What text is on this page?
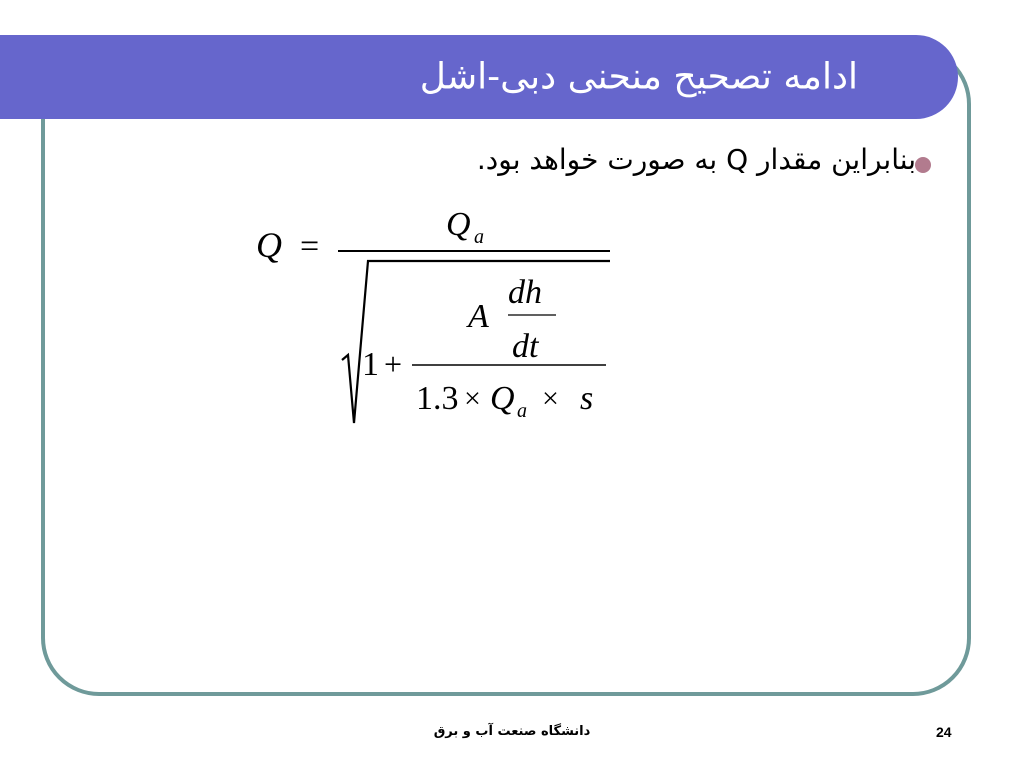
ادامه تصحیح منحنی دبی-اشل
بنابراین مقدار Q به صورت خواهد بود.
Q =
Q a
1 +
A
dh
dt
1.3 × Q a × s
دانشگاه صنعت آب و برق	24
